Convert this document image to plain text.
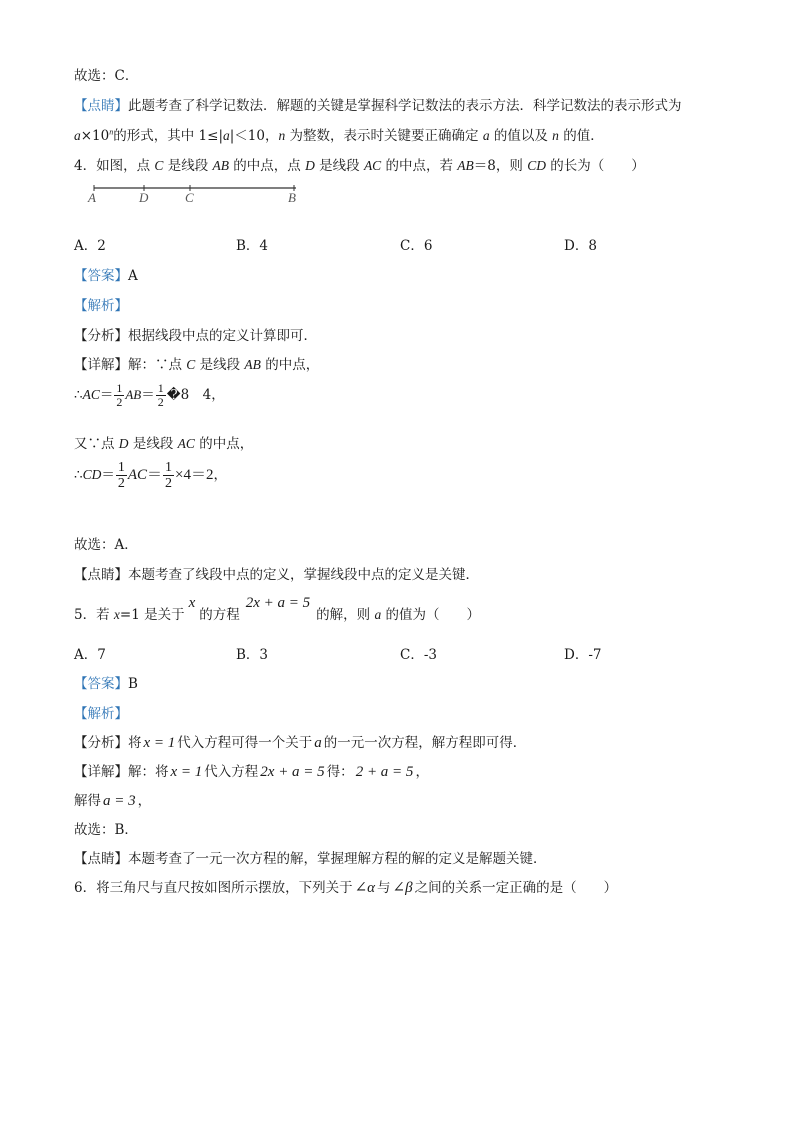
故选：C．
【点睛】此题考查了科学记数法．解题的关键是掌握科学记数法的表示方法．科学记数法的表示形式为
$a\times 10^n$的形式，其中 1≤|a|＜10，n 为整数，表示时关键要正确确定 a 的值以及 n 的值．
4．如图，点 C 是线段 AB 的中点，点 D 是线段 AC 的中点，若 AB＝8，则 CD 的长为（　　）
A	D	C	B
A．2	B．4	C．6	D．8
【答案】A
【解析】
【分析】根据线段中点的定义计算即可．
【详解】解：∵点 C 是线段 AB 的中点，
∴AC＝ $\frac{1}{2} AB= \frac{1}{2}$ �8　4，
又∵点 D 是线段 AC 的中点，
∴CD＝ $\frac{1}{2} AC= \frac{1}{2} \times 4=2$，
故选：A．
【点睛】本题考查了线段中点的定义，掌握线段中点的定义是关键．
5．若 x=1 是关于x的方程2x + a = 5的解，则 a 的值为（　　）
A．7	B．3	C．-3	D．-7
【答案】B
【解析】
【分析】将 x = 1 代入方程可得一个关于 a 的一元一次方程，解方程即可得．
【详解】解：将 x = 1 代入方程 2x + a = 5 得： 2 + a = 5 ，
解得 a = 3 ，
故选：B．
【点睛】本题考查了一元一次方程的解，掌握理解方程的解的定义是解题关键．
6．将三角尺与直尺按如图所示摆放，下列关于 ∠α 与 ∠β 之间的关系一定正确的是（　　）
